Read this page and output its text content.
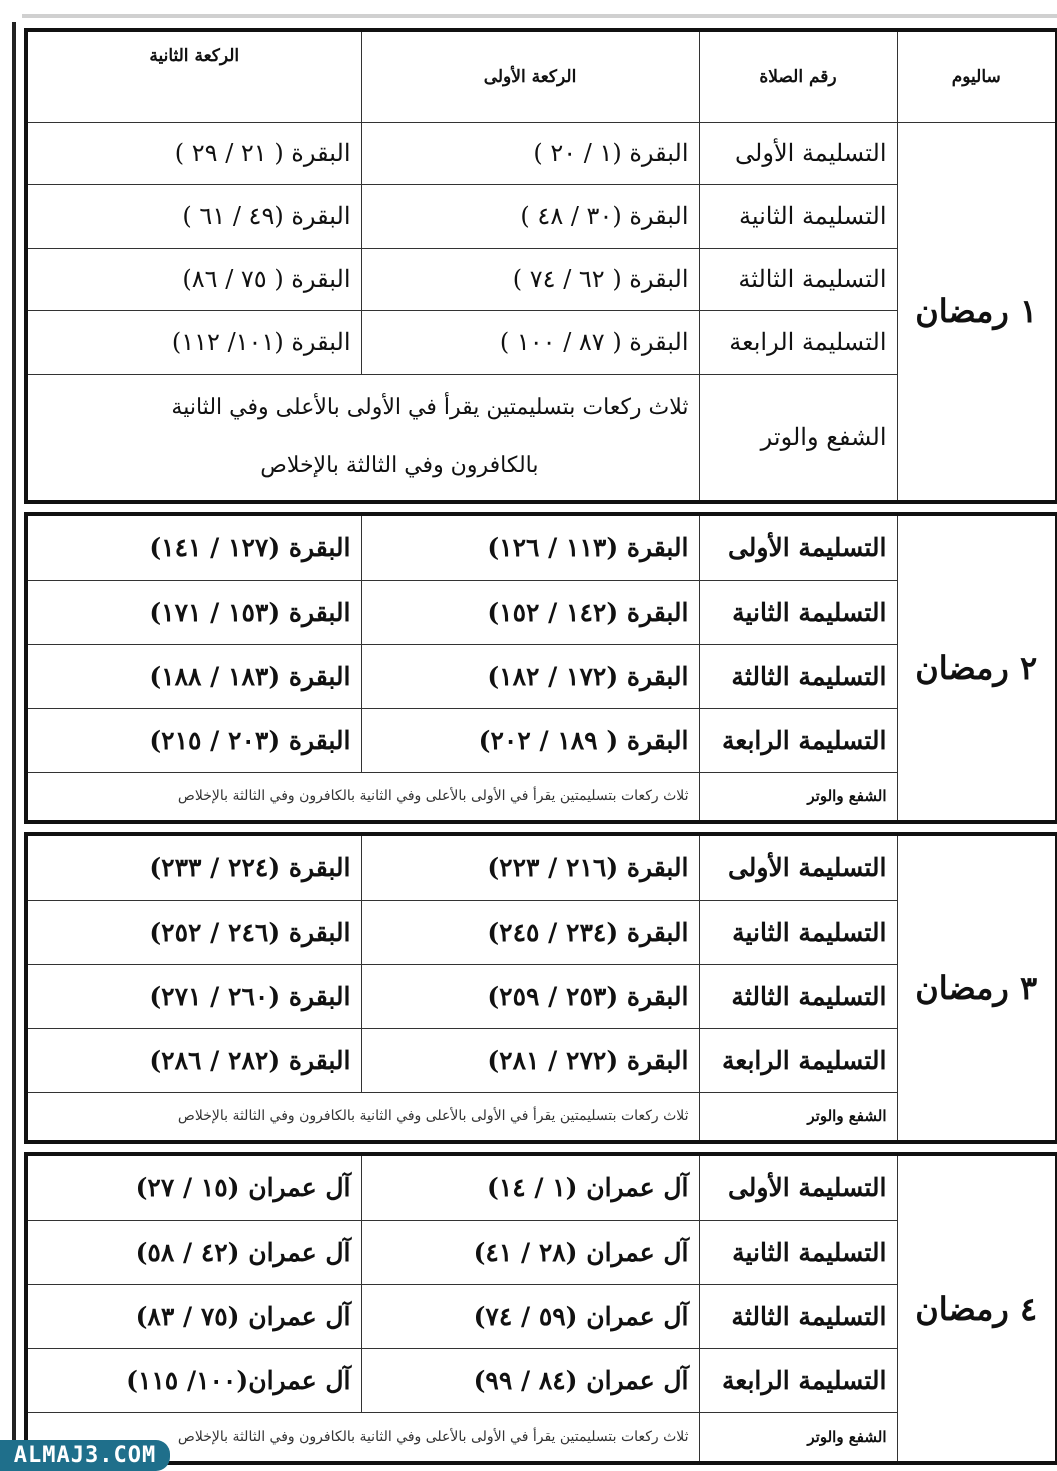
ساليوم	رقم الصلاة	الركعة الأولى	الركعة الثانية
١ رمضان	التسليمة الأولى	البقرة (١ / ٢٠ )	البقرة ( ٢١ / ٢٩ )
	التسليمة الثانية	البقرة (٣٠ / ٤٨ )	البقرة (٤٩ / ٦١ )
	التسليمة الثالثة	البقرة ( ٦٢ / ٧٤ )	البقرة ( ٧٥ / ٨٦)
	التسليمة الرابعة	البقرة ( ٨٧ / ١٠٠ )	البقرة (١٠١/ ١١٢)
	الشفع والوتر	ثلاث ركعات بتسليمتين يقرأ في الأولى بالأعلى وفي الثانية
بالكافرون وفي الثالثة بالإخلاص	
٢ رمضان	التسليمة الأولى	البقرة (١١٣ / ١٢٦)	البقرة (١٢٧ / ١٤١)
	التسليمة الثانية	البقرة (١٤٢ / ١٥٢)	البقرة (١٥٣ / ١٧١)
	التسليمة الثالثة	البقرة (١٧٢ / ١٨٢)	البقرة (١٨٣ / ١٨٨)
	التسليمة الرابعة	البقرة ( ١٨٩ / ٢٠٢)	البقرة (٢٠٣ / ٢١٥)
	الشفع والوتر	ثلاث ركعات بتسليمتين يقرأ في الأولى بالأعلى وفي الثانية بالكافرون وفي الثالثة بالإخلاص	
٣ رمضان	التسليمة الأولى	البقرة (٢١٦ / ٢٢٣)	البقرة (٢٢٤ / ٢٣٣)
	التسليمة الثانية	البقرة (٢٣٤ / ٢٤٥)	البقرة (٢٤٦ / ٢٥٢)
	التسليمة الثالثة	البقرة (٢٥٣ / ٢٥٩)	البقرة (٢٦٠ / ٢٧١)
	التسليمة الرابعة	البقرة (٢٧٢ / ٢٨١)	البقرة (٢٨٢ / ٢٨٦)
	الشفع والوتر	ثلاث ركعات بتسليمتين يقرأ في الأولى بالأعلى وفي الثانية بالكافرون وفي الثالثة بالإخلاص	
٤ رمضان	التسليمة الأولى	آل عمران (١ / ١٤)	آل عمران (١٥ / ٢٧)
	التسليمة الثانية	آل عمران (٢٨ / ٤١)	آل عمران (٤٢ / ٥٨)
	التسليمة الثالثة	آل عمران (٥٩ / ٧٤)	آل عمران (٧٥ / ٨٣)
	التسليمة الرابعة	آل عمران (٨٤ / ٩٩)	آل عمران(١٠٠/ ١١٥)
	الشفع والوتر	ثلاث ركعات بتسليمتين يقرأ في الأولى بالأعلى وفي الثانية بالكافرون وفي الثالثة بالإخلاص	
ALMAJ3.COM
